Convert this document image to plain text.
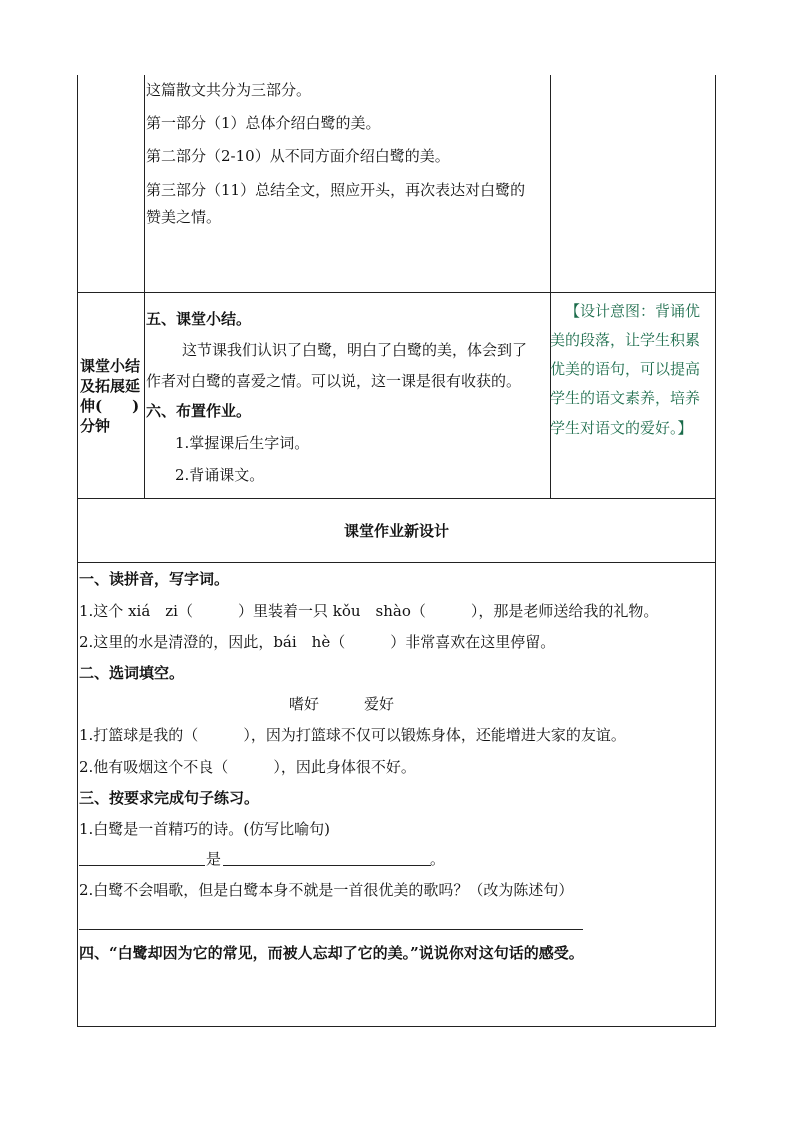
这篇散文共分为三部分。
第一部分（1）总体介绍白鹭的美。
第二部分（2-10）从不同方面介绍白鹭的美。
第三部分（11）总结全文，照应开头，再次表达对白鹭的
赞美之情。
课堂小结
及拓展延
伸(　　)
分钟
五、课堂小结。
这节课我们认识了白鹭，明白了白鹭的美，体会到了
作者对白鹭的喜爱之情。可以说，这一课是很有收获的。
六、布置作业。
1.掌握课后生字词。
2.背诵课文。
【设计意图：背诵优
美的段落，让学生积累
优美的语句，可以提高
学生的语文素养，培养
学生对语文的爱好。】
课堂作业新设计
一、读拼音，写字词。
1.这个 xiá　zi（　　　）里装着一只 kǒu　shào（　　　），那是老师送给我的礼物。
2.这里的水是清澄的，因此，bái　hè（　　　）非常喜欢在这里停留。
二、选词填空。
嗜好　　　爱好
1.打篮球是我的（　　　），因为打篮球不仅可以锻炼身体，还能增进大家的友谊。
2.他有吸烟这个不良（　　　），因此身体很不好。
三、按要求完成句子练习。
1.白鹭是一首精巧的诗。(仿写比喻句)
是	。
2.白鹭不会唱歌，但是白鹭本身不就是一首很优美的歌吗？（改为陈述句）
四、“白鹭却因为它的常见，而被人忘却了它的美。”说说你对这句话的感受。
